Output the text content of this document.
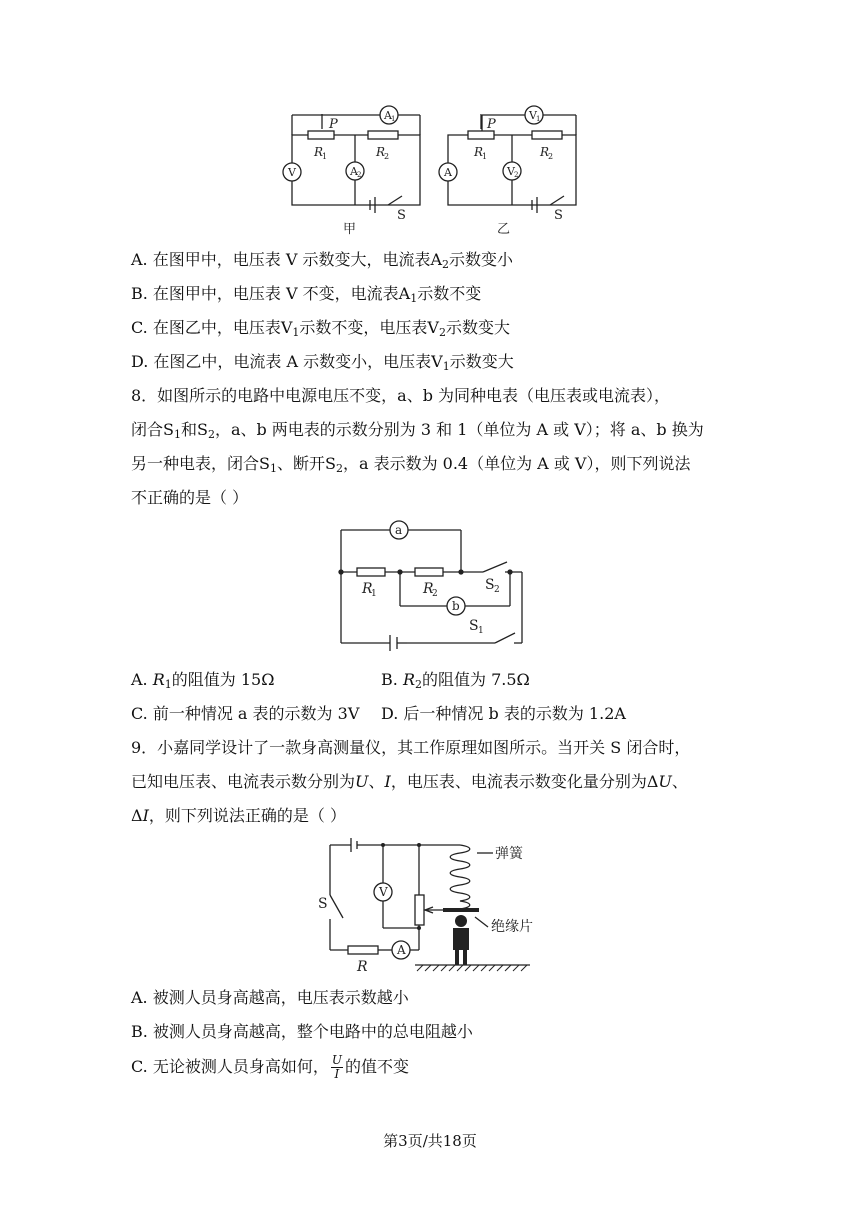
P
R
1	R
2
A 1
A 2
V
S
甲
P
R
1	R
2
V 1
V 2
A
S
乙
A. 在图甲中，电压表 V 示数变大，电流表$A_2$示数变小
B. 在图甲中，电压表 V 不变，电流表$A_1$示数不变
C. 在图乙中，电压表$V_1$示数不变，电压表$V_2$示数变大
D. 在图乙中，电流表 A 示数变小，电压表$V_1$示数变大
8．如图所示的电路中电源电压不变，a、b 为同种电表（电压表或电流表），
闭合$S_1$和$S_2$，a、b 两电表的示数分别为 3 和 1（单位为 A 或 V）；将 a、b 换为
另一种电表，闭合$S_1$、断开$S_2$，a 表示数为 0.4（单位为 A 或 V），则下列说法
不正确的是（ ）
a
b
R
1	R
2
S 2
S 1
A. $R_1$的阻值为 15Ω	B. $R_2$的阻值为 7.5Ω
C. 前一种情况 a 表的示数为 3V D. 后一种情况 b 表的示数为 1.2A
9．小嘉同学设计了一款身高测量仪，其工作原理如图所示。当开关 S 闭合时，
已知电压表、电流表示数分别为U、I，电压表、电流表示数变化量分别为ΔU、
ΔI，则下列说法正确的是（ ）
弹簧
绝缘片
S
R
V
A
A. 被测人员身高越高，电压表示数越小
B. 被测人员身高越高，整个电路中的总电阻越小
C. 无论被测人员身高如何， $\frac{U}{I}$ 的值不变
第3页/共18页
